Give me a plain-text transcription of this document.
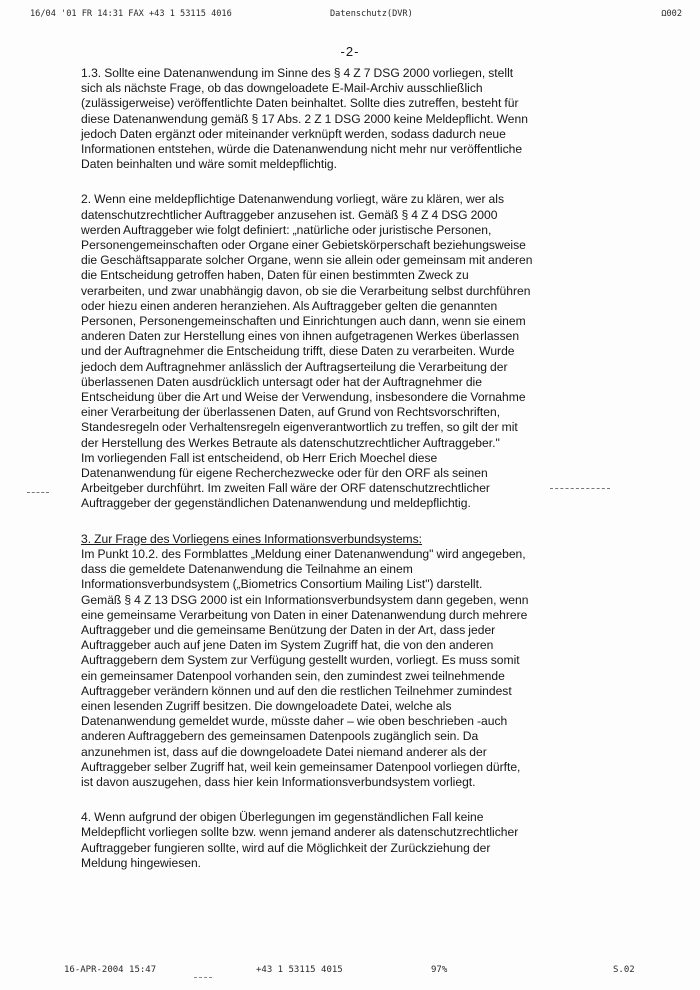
16/04 '01 FR 14:31 FAX +43 1 53115 4016	Datenschutz(DVR)	Ω002
-2-
1.3. Sollte eine Datenanwendung im Sinne des § 4 Z 7 DSG 2000 vorliegen, stellt
sich als nächste Frage, ob das downgeloadete E-Mail-Archiv ausschließlich
(zulässigerweise) veröffentlichte Daten beinhaltet. Sollte dies zutreffen, besteht für
diese Datenanwendung gemäß § 17 Abs. 2 Z 1 DSG 2000 keine Meldepflicht. Wenn
jedoch Daten ergänzt oder miteinander verknüpft werden, sodass dadurch neue
Informationen entstehen, würde die Datenanwendung nicht mehr nur veröffentliche
Daten beinhalten und wäre somit meldepflichtig.
2. Wenn eine meldepflichtige Datenanwendung vorliegt, wäre zu klären, wer als
datenschutzrechtlicher Auftraggeber anzusehen ist. Gemäß § 4 Z 4 DSG 2000
werden Auftraggeber wie folgt definiert: „natürliche oder juristische Personen,
Personengemeinschaften oder Organe einer Gebietskörperschaft beziehungsweise
die Geschäftsapparate solcher Organe, wenn sie allein oder gemeinsam mit anderen
die Entscheidung getroffen haben, Daten für einen bestimmten Zweck zu
verarbeiten, und zwar unabhängig davon, ob sie die Verarbeitung selbst durchführen
oder hiezu einen anderen heranziehen. Als Auftraggeber gelten die genannten
Personen, Personengemeinschaften und Einrichtungen auch dann, wenn sie einem
anderen Daten zur Herstellung eines von ihnen aufgetragenen Werkes überlassen
und der Auftragnehmer die Entscheidung trifft, diese Daten zu verarbeiten. Wurde
jedoch dem Auftragnehmer anlässlich der Auftragserteilung die Verarbeitung der
überlassenen Daten ausdrücklich untersagt oder hat der Auftragnehmer die
Entscheidung über die Art und Weise der Verwendung, insbesondere die Vornahme
einer Verarbeitung der überlassenen Daten, auf Grund von Rechtsvorschriften,
Standesregeln oder Verhaltensregeln eigenverantwortlich zu treffen, so gilt der mit
der Herstellung des Werkes Betraute als datenschutzrechtlicher Auftraggeber."
Im vorliegenden Fall ist entscheidend, ob Herr Erich Moechel diese
Datenanwendung für eigene Recherchezwecke oder für den ORF als seinen
Arbeitgeber durchführt. Im zweiten Fall wäre der ORF datenschutzrechtlicher
Auftraggeber der gegenständlichen Datenanwendung und meldepflichtig.
3. Zur Frage des Vorliegens eines Informationsverbundsystems:
Im Punkt 10.2. des Formblattes „Meldung einer Datenanwendung" wird angegeben,
dass die gemeldete Datenanwendung die Teilnahme an einem
Informationsverbundsystem („Biometrics Consortium Mailing List") darstellt.
Gemäß § 4 Z 13 DSG 2000 ist ein Informationsverbundsystem dann gegeben, wenn
eine gemeinsame Verarbeitung von Daten in einer Datenanwendung durch mehrere
Auftraggeber und die gemeinsame Benützung der Daten in der Art, dass jeder
Auftraggeber auch auf jene Daten im System Zugriff hat, die von den anderen
Auftraggebern dem System zur Verfügung gestellt wurden, vorliegt. Es muss somit
ein gemeinsamer Datenpool vorhanden sein, den zumindest zwei teilnehmende
Auftraggeber verändern können und auf den die restlichen Teilnehmer zumindest
einen lesenden Zugriff besitzen. Die downgeloadete Datei, welche als
Datenanwendung gemeldet wurde, müsste daher – wie oben beschrieben -auch
anderen Auftraggebern des gemeinsamen Datenpools zugänglich sein. Da
anzunehmen ist, dass auf die downgeloadete Datei niemand anderer als der
Auftraggeber selber Zugriff hat, weil kein gemeinsamer Datenpool vorliegen dürfte,
ist davon auszugehen, dass hier kein Informationsverbundsystem vorliegt.
4. Wenn aufgrund der obigen Überlegungen im gegenständlichen Fall keine
Meldepflicht vorliegen sollte bzw. wenn jemand anderer als datenschutzrechtlicher
Auftraggeber fungieren sollte, wird auf die Möglichkeit der Zurückziehung der
Meldung hingewiesen.
16-APR-2004 15:47	+43 1 53115 4015	97%	S.02
